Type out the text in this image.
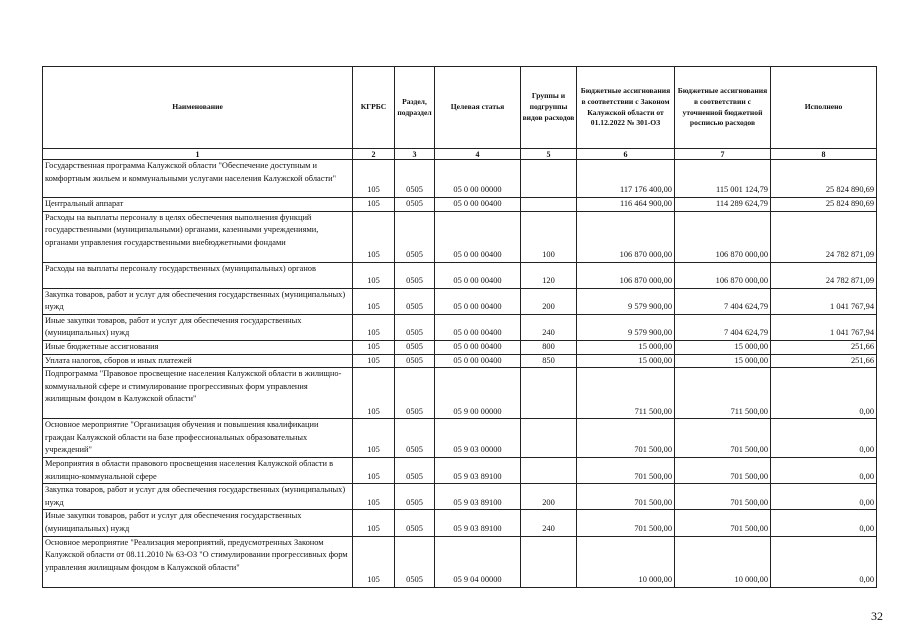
Наименование	КГРБС	Раздел, подраздел	Целевая статья	Группы и подгруппы видов расходов	Бюджетные ассигнования в соответствии с Законом Калужской области от 01.12.2022 № 301-ОЗ	Бюджетные ассигнования в соответствии с уточненной бюджетной росписью расходов	Исполнено
1	2	3	4	5	6	7	8
Государственная программа Калужской области "Обеспечение доступным и комфортным жильем и коммунальными услугами населения Калужской области"	105	0505	05 0 00 00000		117 176 400,00	115 001 124,79	25 824 890,69
Центральный аппарат	105	0505	05 0 00 00400		116 464 900,00	114 289 624,79	25 824 890,69
Расходы на выплаты персоналу в целях обеспечения выполнения функций государственными (муниципальными) органами, казенными учреждениями, органами управления государственными внебюджетными фондами	105	0505	05 0 00 00400	100	106 870 000,00	106 870 000,00	24 782 871,09
Расходы на выплаты персоналу государственных (муниципальных) органов	105	0505	05 0 00 00400	120	106 870 000,00	106 870 000,00	24 782 871,09
Закупка товаров, работ и услуг для обеспечения государственных (муниципальных) нужд	105	0505	05 0 00 00400	200	9 579 900,00	7 404 624,79	1 041 767,94
Иные закупки товаров, работ и услуг для обеспечения государственных (муниципальных) нужд	105	0505	05 0 00 00400	240	9 579 900,00	7 404 624,79	1 041 767,94
Иные бюджетные ассигнования	105	0505	05 0 00 00400	800	15 000,00	15 000,00	251,66
Уплата налогов, сборов и иных платежей	105	0505	05 0 00 00400	850	15 000,00	15 000,00	251,66
Подпрограмма "Правовое просвещение населения Калужской области в жилищно-коммунальной сфере и стимулирование прогрессивных форм управления жилищным фондом в Калужской области"	105	0505	05 9 00 00000		711 500,00	711 500,00	0,00
Основное мероприятие "Организация обучения и повышения квалификации граждан Калужской области на базе профессиональных образовательных учреждений"	105	0505	05 9 03 00000		701 500,00	701 500,00	0,00
Мероприятия в области правового просвещения населения Калужской области в жилищно-коммунальной сфере	105	0505	05 9 03 89100		701 500,00	701 500,00	0,00
Закупка товаров, работ и услуг для обеспечения государственных (муниципальных) нужд	105	0505	05 9 03 89100	200	701 500,00	701 500,00	0,00
Иные закупки товаров, работ и услуг для обеспечения государственных (муниципальных) нужд	105	0505	05 9 03 89100	240	701 500,00	701 500,00	0,00
Основное мероприятие "Реализация мероприятий, предусмотренных Законом Калужской области от 08.11.2010 № 63-ОЗ "О стимулировании прогрессивных форм управления жилищным фондом в Калужской области"	105	0505	05 9 04 00000		10 000,00	10 000,00	0,00
32
